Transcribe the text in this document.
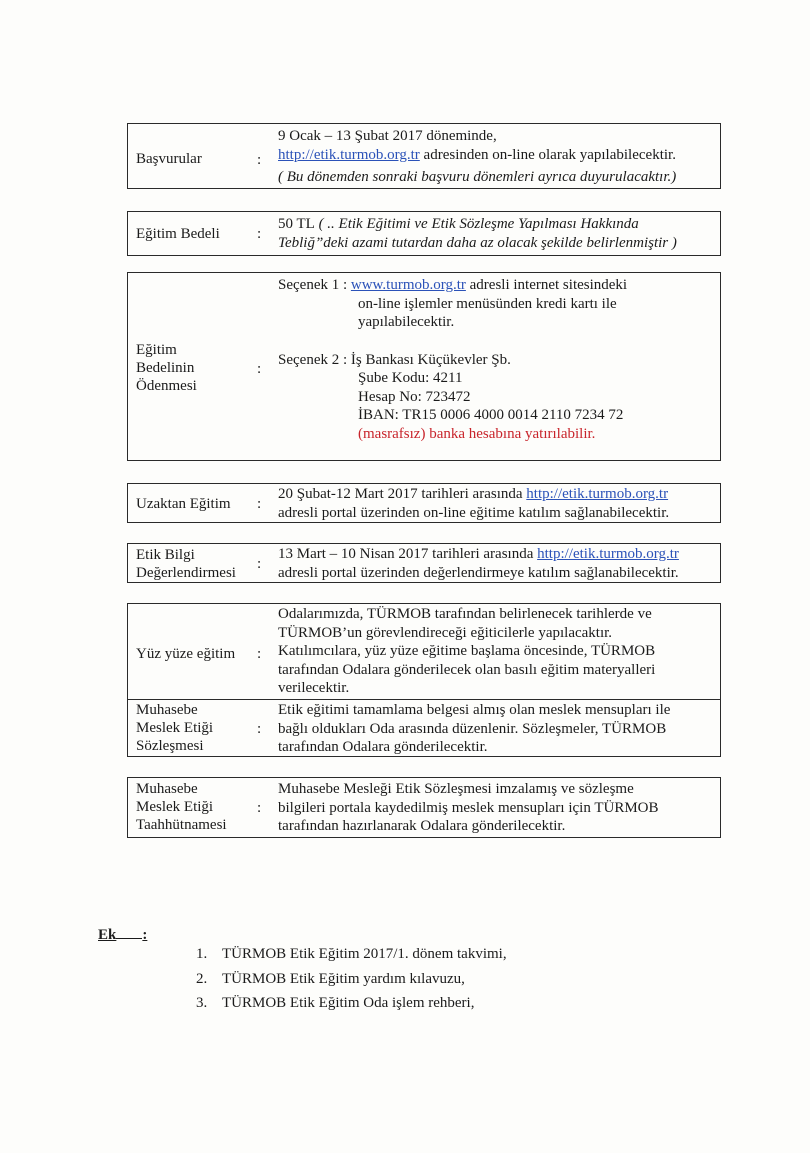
Başvurular	:

9 Ocak – 13 Şubat 2017 döneminde,

http://etik.turmob.org.tr adresinden on-line olarak yapılabilecektir.

( Bu dönemden sonraki başvuru dönemleri ayrıca duyurulacaktır.)

Eğitim Bedeli :

50 TL ( .. Etik Eğitimi ve Etik Sözleşme Yapılması Hakkında

Tebliğ”deki azami tutardan daha az olacak şekilde belirlenmiştir )

Eğitim
Bedelinin
Ödenmesi
:

Seçenek 1 : www.turmob.org.tr adresli internet sitesindeki

on-line işlemler menüsünden kredi kartı ile

yapılabilecektir.

Seçenek 2 : İş Bankası Küçükevler Şb.

Şube Kodu: 4211

Hesap No: 723472

İBAN: TR15 0006 4000 0014 2110 7234 72

(masrafsız) banka hesabına yatırılabilir.

Uzaktan Eğitim :

20 Şubat-12 Mart 2017 tarihleri arasında http://etik.turmob.org.tr

adresli portal üzerinden on-line eğitime katılım sağlanabilecektir.

Etik Bilgi
Değerlendirmesi
:

13 Mart – 10 Nisan 2017 tarihleri arasında http://etik.turmob.org.tr

adresli portal üzerinden değerlendirmeye katılım sağlanabilecektir.

Yüz yüze eğitim :

Odalarımızda, TÜRMOB tarafından belirlenecek tarihlerde ve

TÜRMOB’un görevlendireceği eğiticilerle yapılacaktır.

Katılımcılara, yüz yüze eğitime başlama öncesinde, TÜRMOB

tarafından Odalara gönderilecek olan basılı eğitim materyalleri

verilecektir.

Muhasebe
Meslek Etiği
Sözleşmesi
:

Etik eğitimi tamamlama belgesi almış olan meslek mensupları ile

bağlı oldukları Oda arasında düzenlenir. Sözleşmeler, TÜRMOB

tarafından Odalara gönderilecektir.

Muhasebe
Meslek Etiği
Taahhütnamesi
:

Muhasebe Mesleği Etik Sözleşmesi imzalamış ve sözleşme

bilgileri portala kaydedilmiş meslek mensupları için TÜRMOB

tarafından hazırlanarak Odalara gönderilecektir.

Ek :
1. TÜRMOB Etik Eğitim 2017/1. dönem takvimi,
2. TÜRMOB Etik Eğitim yardım kılavuzu,
3. TÜRMOB Etik Eğitim Oda işlem rehberi,
